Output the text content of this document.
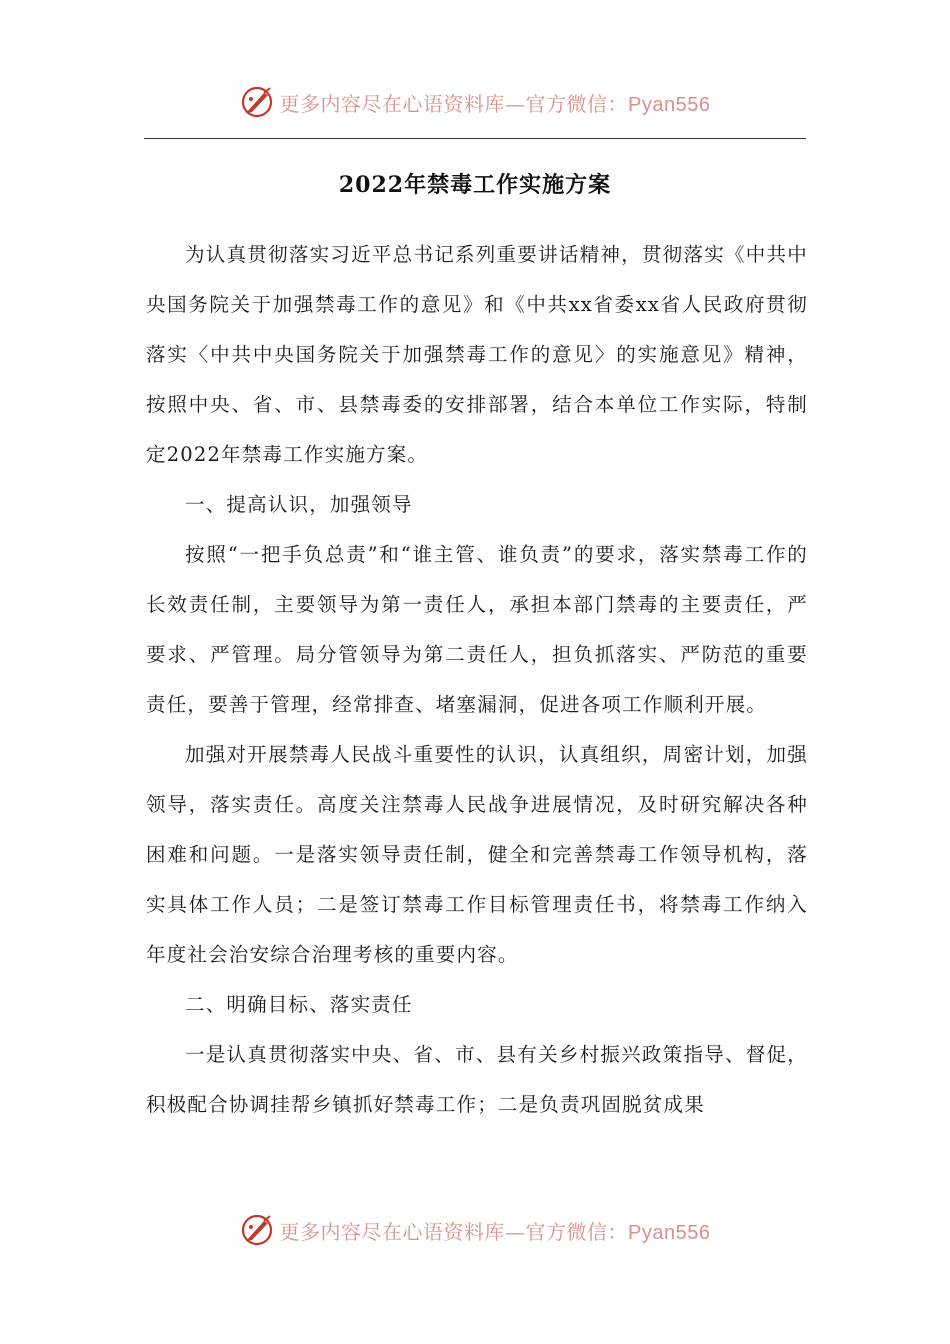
更多内容尽在心语资料库—官方微信：Pyan556
2022年禁毒工作实施方案

为认真贯彻落实习近平总书记系列重要讲话精神，贯彻落实《中共中央国务院关于加强禁毒工作的意见》和《中共xx省委xx省人民政府贯彻落实〈中共中央国务院关于加强禁毒工作的意见〉的实施意见》精神，按照中央、省、市、县禁毒委的安排部署，结合本单位工作实际，特制定2022年禁毒工作实施方案。

一、提高认识，加强领导

按照“一把手负总责”和“谁主管、谁负责”的要求，落实禁毒工作的长效责任制，主要领导为第一责任人，承担本部门禁毒的主要责任，严要求、严管理。局分管领导为第二责任人，担负抓落实、严防范的重要责任，要善于管理，经常排查、堵塞漏洞，促进各项工作顺利开展。

加强对开展禁毒人民战斗重要性的认识，认真组织，周密计划，加强领导，落实责任。高度关注禁毒人民战争进展情况，及时研究解决各种困难和问题。一是落实领导责任制，健全和完善禁毒工作领导机构，落实具体工作人员；二是签订禁毒工作目标管理责任书，将禁毒工作纳入年度社会治安综合治理考核的重要内容。

二、明确目标、落实责任

一是认真贯彻落实中央、省、市、县有关乡村振兴政策指导、督促，积极配合协调挂帮乡镇抓好禁毒工作；二是负责巩固脱贫成果

更多内容尽在心语资料库—官方微信：Pyan556
